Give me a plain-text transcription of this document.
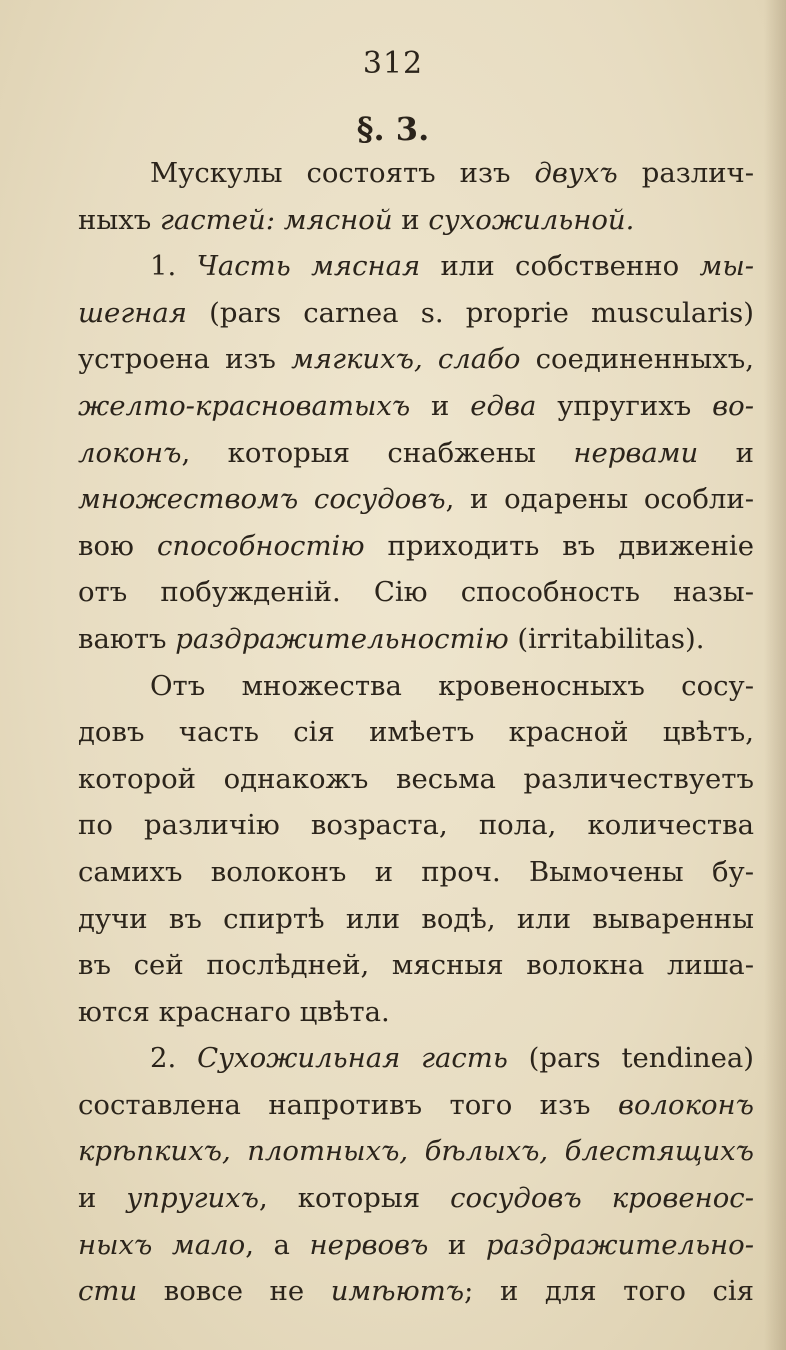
312
§. 3.
Мускулы состоятъ изъ двухъ различ-
ныхъ гастей: мясной и сухожильной.
1. Часть мясная или собственно мы-
шегная (pars carnea s. proprie muscularis)
устроена изъ мягкихъ, слабо соединенныхъ,
желто-красноватыхъ и едва упругихъ во-
локонъ, которыя снабжены нервами и
множествомъ сосудовъ, и одарены особли-
вою способностію приходить въ движеніе
отъ побужденій. Сію способность назы-
ваютъ раздражительностію (irritabilitas).
Отъ множества кровеносныхъ сосу-
довъ часть сія имѣетъ красной цвѣтъ,
которой однакожъ весьма различествуетъ
по различію возраста, пола, количества
самихъ волоконъ и проч. Вымочены бу-
дучи въ спиртѣ или водѣ, или вываренны
въ сей послѣдней, мясныя волокна лиша-
ются краснаго цвѣта.
2. Сухожильная гасть (pars tendinea)
составлена напротивъ того изъ волоконъ
крѣпкихъ, плотныхъ, бѣлыхъ, блестящихъ
и упругихъ, которыя сосудовъ кровенос-
ныхъ мало, а нервовъ и раздражительно-
сти вовсе не имѣютъ; и для того сія
